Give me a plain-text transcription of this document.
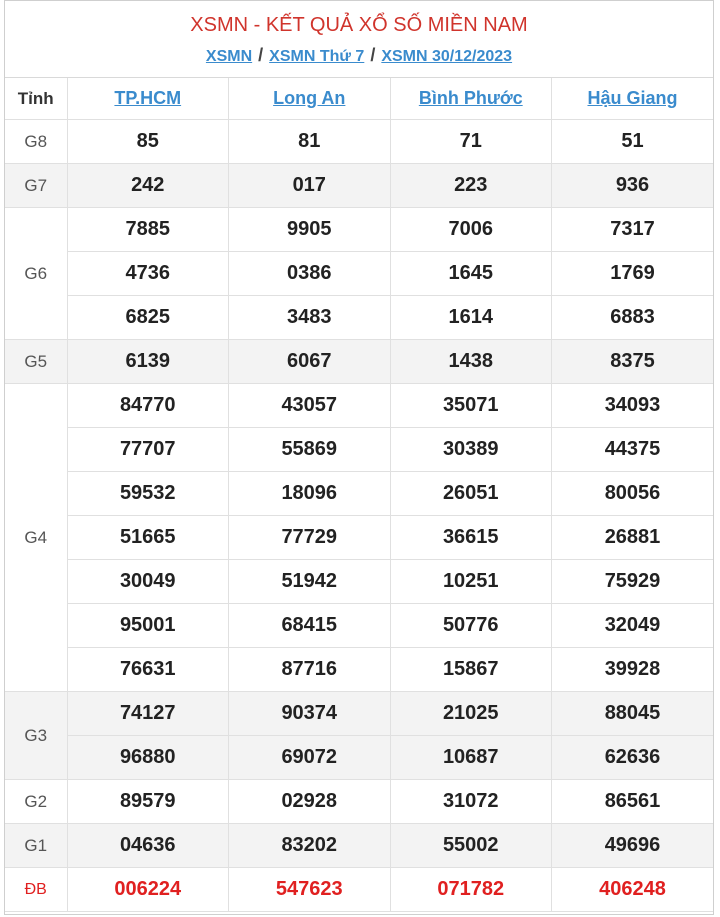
XSMN - KẾT QUẢ XỔ SỐ MIỀN NAM
XSMN / XSMN Thứ 7 / XSMN 30/12/2023
Tỉnh	TP.HCM	Long An	Bình Phước	Hậu Giang
G8	85	81	71	51
G7	242	017	223	936
G6	7885	9905	7006	7317
	4736	0386	1645	1769
	6825	3483	1614	6883
G5	6139	6067	1438	8375
G4	84770	43057	35071	34093
	77707	55869	30389	44375
	59532	18096	26051	80056
	51665	77729	36615	26881
	30049	51942	10251	75929
	95001	68415	50776	32049
	76631	87716	15867	39928
G3	74127	90374	21025	88045
	96880	69072	10687	62636
G2	89579	02928	31072	86561
G1	04636	83202	55002	49696
ĐB	006224	547623	071782	406248
